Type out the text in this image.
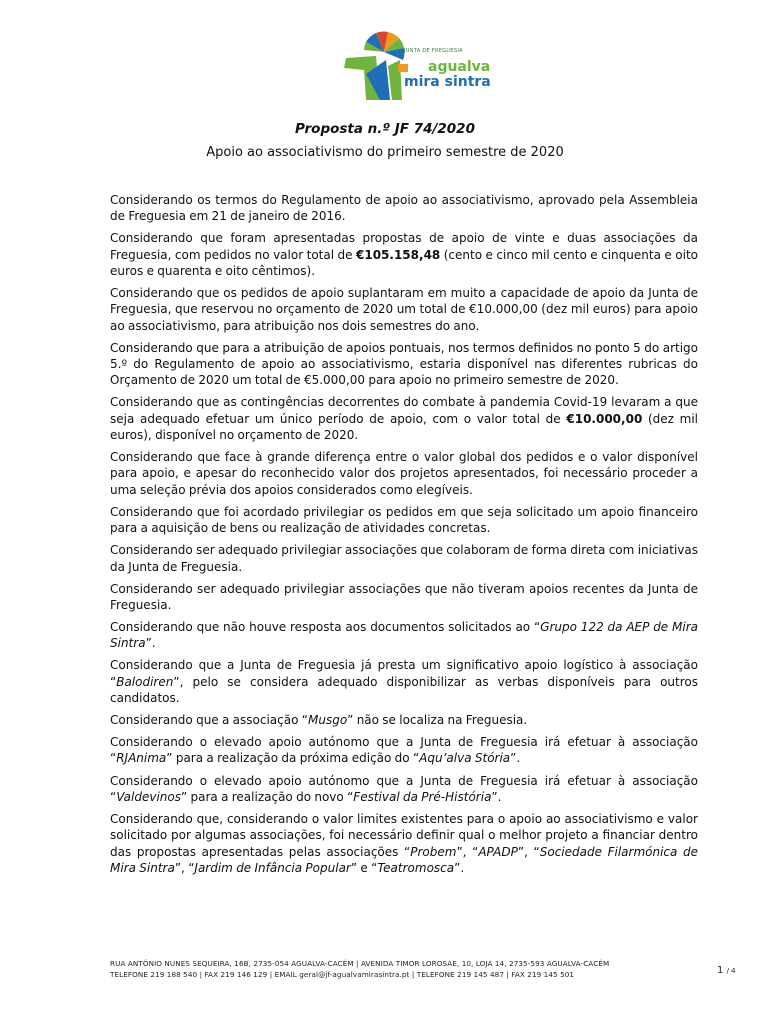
JUNTA DE FREGUESIA
agualva
mira sintra
Proposta n.º JF 74/2020
Apoio ao associativismo do primeiro semestre de 2020

Considerando os termos do Regulamento de apoio ao associativismo, aprovado pela Assembleia de Freguesia em 21 de janeiro de 2016.

Considerando que foram apresentadas propostas de apoio de vinte e duas associações da Freguesia, com pedidos no valor total de €105.158,48 (cento e cinco mil cento e cinquenta e oito euros e quarenta e oito cêntimos).

Considerando que os pedidos de apoio suplantaram em muito a capacidade de apoio da Junta de Freguesia, que reservou no orçamento de 2020 um total de €10.000,00 (dez mil euros) para apoio ao associativismo, para atribuição nos dois semestres do ano.

Considerando que para a atribuição de apoios pontuais, nos termos definidos no ponto 5 do artigo 5.º do Regulamento de apoio ao associativismo, estaria disponível nas diferentes rubricas do Orçamento de 2020 um total de €5.000,00 para apoio no primeiro semestre de 2020.

Considerando que as contingências decorrentes do combate à pandemia Covid-19 levaram a que seja adequado efetuar um único período de apoio, com o valor total de €10.000,00 (dez mil euros), disponível no orçamento de 2020.

Considerando que face à grande diferença entre o valor global dos pedidos e o valor disponível para apoio, e apesar do reconhecido valor dos projetos apresentados, foi necessário proceder a uma seleção prévia dos apoios considerados como elegíveis.

Considerando que foi acordado privilegiar os pedidos em que seja solicitado um apoio financeiro para a aquisição de bens ou realização de atividades concretas.

Considerando ser adequado privilegiar associações que colaboram de forma direta com iniciativas da Junta de Freguesia.

Considerando ser adequado privilegiar associações que não tiveram apoios recentes da Junta de Freguesia.

Considerando que não houve resposta aos documentos solicitados ao “Grupo 122 da AEP de Mira Sintra”.

Considerando que a Junta de Freguesia já presta um significativo apoio logístico à associação “Balodiren”, pelo se considera adequado disponibilizar as verbas disponíveis para outros candidatos.

Considerando que a associação “Musgo” não se localiza na Freguesia.

Considerando o elevado apoio autónomo que a Junta de Freguesia irá efetuar à associação “RJAnima” para a realização da próxima edição do “Aqu’alva Stória”.

Considerando o elevado apoio autónomo que a Junta de Freguesia irá efetuar à associação “Valdevinos” para a realização do novo “Festival da Pré-História”.

Considerando que, considerando o valor limites existentes para o apoio ao associativismo e valor solicitado por algumas associações, foi necessário definir qual o melhor projeto a financiar dentro das propostas apresentadas pelas associações “Probem”, “APADP”, “Sociedade Filarmónica de Mira Sintra”, “Jardim de Infância Popular” e “Teatromosca”.

RUA ANTÓNIO NUNES SEQUEIRA, 16B, 2735-054 AGUALVA-CACÉM | AVENIDA TIMOR LOROSAE, 10, LOJA 14, 2735-593 AGUALVA-CACÉM
TELEFONE 219 188 540 | FAX 219 146 129 | EMAIL geral@jf-agualvamirasintra.pt | TELEFONE 219 145 487 | FAX 219 145 501	1 / 4
